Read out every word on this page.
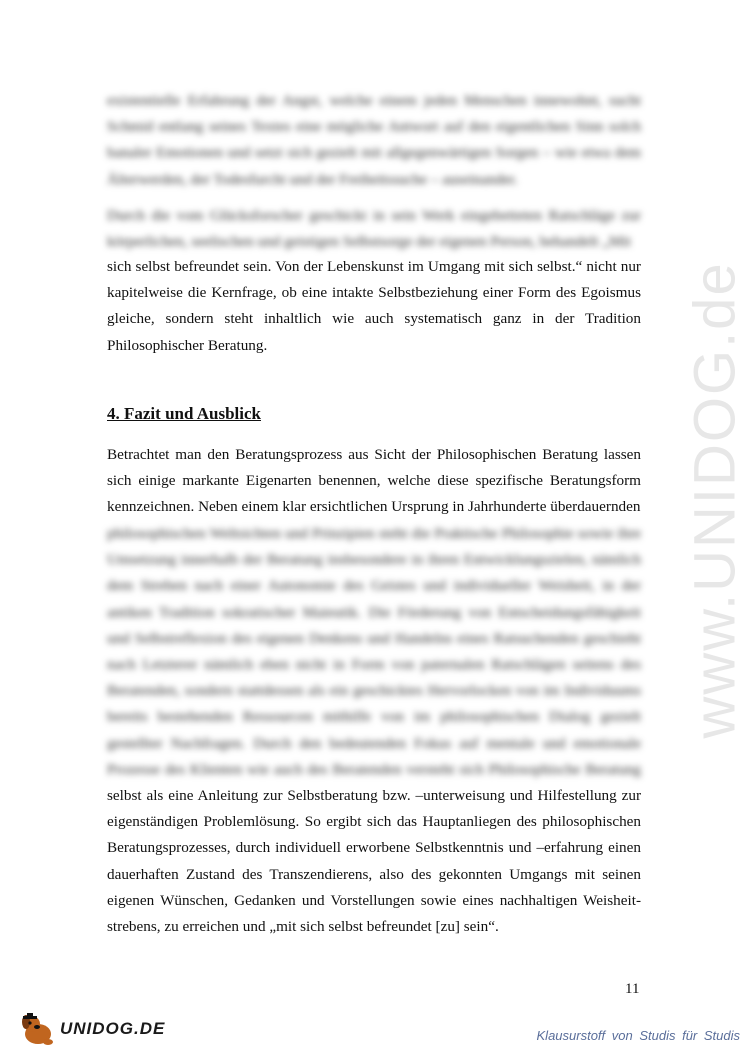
www.UNIDOG.de

existentielle Erfahrung der Angst, welche einem jeden Menschen innewohnt, sucht Schmid entlang seines Textes eine mögliche Antwort auf den eigentlichen Sinn solch banaler Emotionen und setzt sich gezielt mit allgegenwärtigen Sorgen – wie etwa dem Älterwerden, der Todesfurcht und der Freiheitssuche – auseinander.

Durch die vom Glücksforscher geschickt in sein Werk eingebetteten Ratschläge zur körperlichen, seelischen und geistigen Selbstsorge der eigenen Person, behandelt „Mit

sich selbst befreundet sein. Von der Lebenskunst im Umgang mit sich selbst.“ nicht nur kapitelweise die Kernfrage, ob eine intakte Selbstbeziehung einer Form des Egoismus gleiche, sondern steht inhaltlich wie auch systematisch ganz in der Tradition Philosophischer Beratung.

4. Fazit und Ausblick

Betrachtet man den Beratungsprozess aus Sicht der Philosophischen Beratung lassen sich einige markante Eigenarten benennen, welche diese spezifische Beratungsform kennzeichnen. Neben einem klar ersichtlichen Ursprung in Jahrhunderte überdauernden

philosophischen Weltsichten und Prinzipien steht die Praktische Philosophie sowie ihre Umsetzung innerhalb der Beratung insbesondere in ihren Entwicklungszielen, nämlich dem Streben nach einer Autonomie des Geistes und individueller Weisheit, in der antiken Tradition sokratischer Maieutik. Die Förderung von Entscheidungsfähigkeit und Selbstreflexion des eigenen Denkens und Handelns eines Ratsuchenden geschieht nach Letzterer nämlich eben nicht in Form von paternalen Ratschlägen seitens des Beratenden, sondern stattdessen als ein geschicktes Hervorlocken von im Individuums bereits bestehenden Ressourcen mithilfe von im philosophischen Dialog gezielt gestellter Nachfragen. Durch den bedeutenden Fokus auf mentale und emotionale Prozesse des Klienten wie auch des Beratenden versteht sich Philosophische Beratung

selbst als eine Anleitung zur Selbstberatung bzw. –unterweisung und Hilfestellung zur eigenständigen Problemlösung. So ergibt sich das Hauptanliegen des philosophischen Beratungsprozesses, durch individuell erworbene Selbstkenntnis und –erfahrung einen dauerhaften Zustand des Transzendierens, also des gekonnten Umgangs mit seinen eigenen Wünschen, Gedanken und Vorstellungen sowie eines nachhaltigen Weisheit-strebens, zu erreichen und „mit sich selbst befreundet [zu] sein“.

11
UNIDOG.DE	Klausurstoff von Studis für Studis
